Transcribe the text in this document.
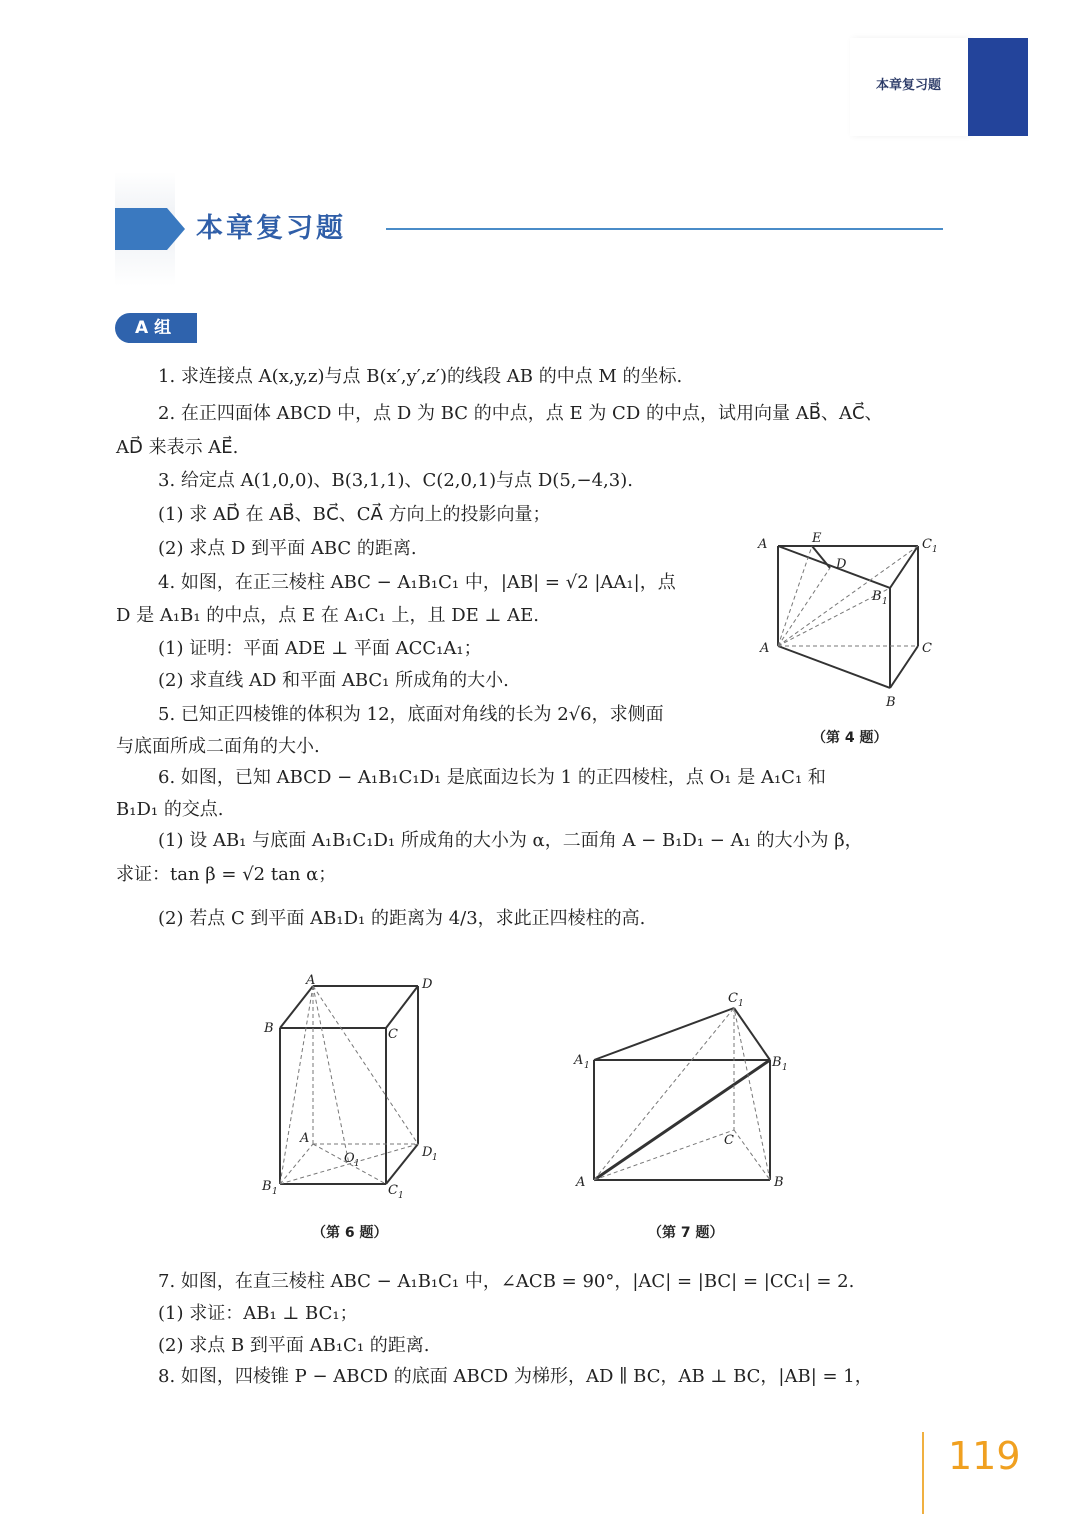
本章复习题
本章复习题
A 组
1. 求连接点 A(x,y,z)与点 B(x′,y′,z′)的线段 AB 的中点 M 的坐标.
2. 在正四面体 ABCD 中，点 D 为 BC 的中点，点 E 为 CD 的中点，试用向量 AB⃗、AC⃗、
AD⃗ 来表示 AE⃗.
3. 给定点 A(1,0,0)、B(3,1,1)、C(2,0,1)与点 D(5,−4,3).
(1) 求 AD⃗ 在 AB⃗、BC⃗、CA⃗ 方向上的投影向量；
(2) 求点 D 到平面 ABC 的距离.
4. 如图，在正三棱柱 ABC − A₁B₁C₁ 中，|AB| = √2 |AA₁|，点
D 是 A₁B₁ 的中点，点 E 在 A₁C₁ 上，且 DE ⊥ AE.
(1) 证明：平面 ADE ⊥ 平面 ACC₁A₁；
(2) 求直线 AD 和平面 ABC₁ 所成角的大小.
5. 已知正四棱锥的体积为 12，底面对角线的长为 2√6，求侧面
与底面所成二面角的大小.
6. 如图，已知 ABCD − A₁B₁C₁D₁ 是底面边长为 1 的正四棱柱，点 O₁ 是 A₁C₁ 和
B₁D₁ 的交点.
(1) 设 AB₁ 与底面 A₁B₁C₁D₁ 所成角的大小为 α，二面角 A − B₁D₁ − A₁ 的大小为 β，
求证：tan β = √2 tan α；
(2) 若点 C 到平面 AB₁D₁ 的距离为 4/3，求此正四棱柱的高.
7. 如图，在直三棱柱 ABC − A₁B₁C₁ 中，∠ACB = 90°，|AC| = |BC| = |CC₁| = 2.
(1) 求证：AB₁ ⊥ BC₁；
(2) 求点 B 到平面 AB₁C₁ 的距离.
8. 如图，四棱锥 P − ABCD 的底面 ABCD 为梯形，AD ∥ BC，AB ⊥ BC，|AB| = 1，
A	E
D
C 1
B 1
A	C
B
（第 4 题）
A	D
B	C
A
O	D
B	C
1
1
1	1
（第 6 题）
C
A	B
C
A	B
1
1	1
（第 7 题）
119
